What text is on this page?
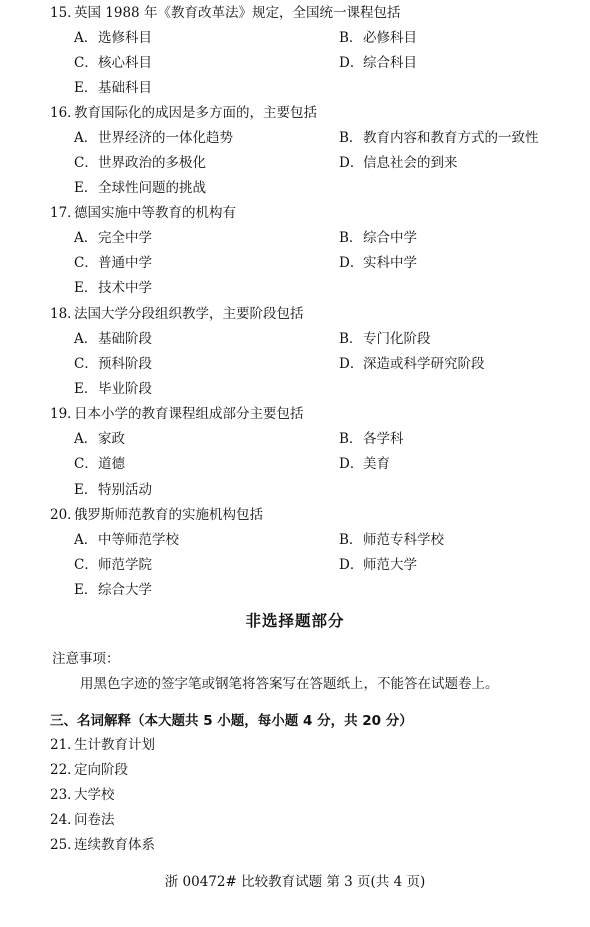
15．英国 1988 年《教育改革法》规定，全国统一课程包括
A．选修科目	B．必修科目
C．核心科目	D．综合科目
E．基础科目
16．教育国际化的成因是多方面的，主要包括
A．世界经济的一体化趋势	B．教育内容和教育方式的一致性
C．世界政治的多极化	D．信息社会的到来
E．全球性问题的挑战
17．德国实施中等教育的机构有
A．完全中学	B．综合中学
C．普通中学	D．实科中学
E．技术中学
18．法国大学分段组织教学，主要阶段包括
A．基础阶段	B．专门化阶段
C．预科阶段	D．深造或科学研究阶段
E．毕业阶段
19．日本小学的教育课程组成部分主要包括
A．家政	B．各学科
C．道德	D．美育
E．特别活动
20．俄罗斯师范教育的实施机构包括
A．中等师范学校	B．师范专科学校
C．师范学院	D．师范大学
E．综合大学
非选择题部分
注意事项：
用黑色字迹的签字笔或钢笔将答案写在答题纸上，不能答在试题卷上。
三、名词解释（本大题共 5 小题，每小题 4 分，共 20 分）
21．生计教育计划
22．定向阶段
23．大学校
24．问卷法
25．连续教育体系
浙 00472# 比较教育试题 第 3 页(共 4 页)
